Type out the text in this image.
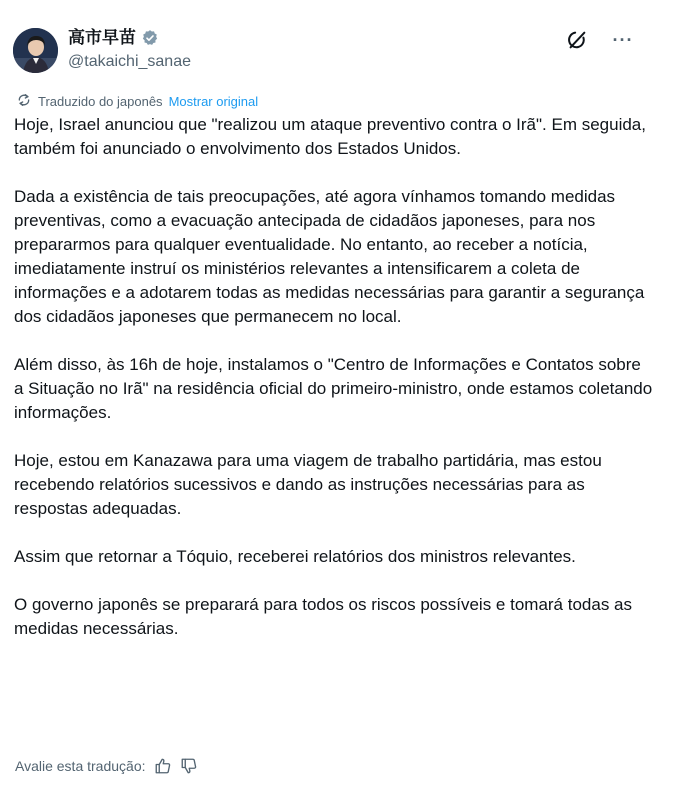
高市早苗
@takaichi_sanae
···
Traduzido do japonês Mostrar original

Hoje, Israel anunciou que "realizou um ataque preventivo contra o Irã". Em seguida, também foi anunciado o envolvimento dos Estados Unidos.

Dada a existência de tais preocupações, até agora vínhamos tomando medidas preventivas, como a evacuação antecipada de cidadãos japoneses, para nos prepararmos para qualquer eventualidade. No entanto, ao receber a notícia, imediatamente instruí os ministérios relevantes a intensificarem a coleta de informações e a adotarem todas as medidas necessárias para garantir a segurança dos cidadãos japoneses que permanecem no local.

Além disso, às 16h de hoje, instalamos o "Centro de Informações e Contatos sobre a Situação no Irã" na residência oficial do primeiro-ministro, onde estamos coletando informações.

Hoje, estou em Kanazawa para uma viagem de trabalho partidária, mas estou recebendo relatórios sucessivos e dando as instruções necessárias para as respostas adequadas.

Assim que retornar a Tóquio, receberei relatórios dos ministros relevantes.

O governo japonês se preparará para todos os riscos possíveis e tomará todas as medidas necessárias.

Avalie esta tradução:
